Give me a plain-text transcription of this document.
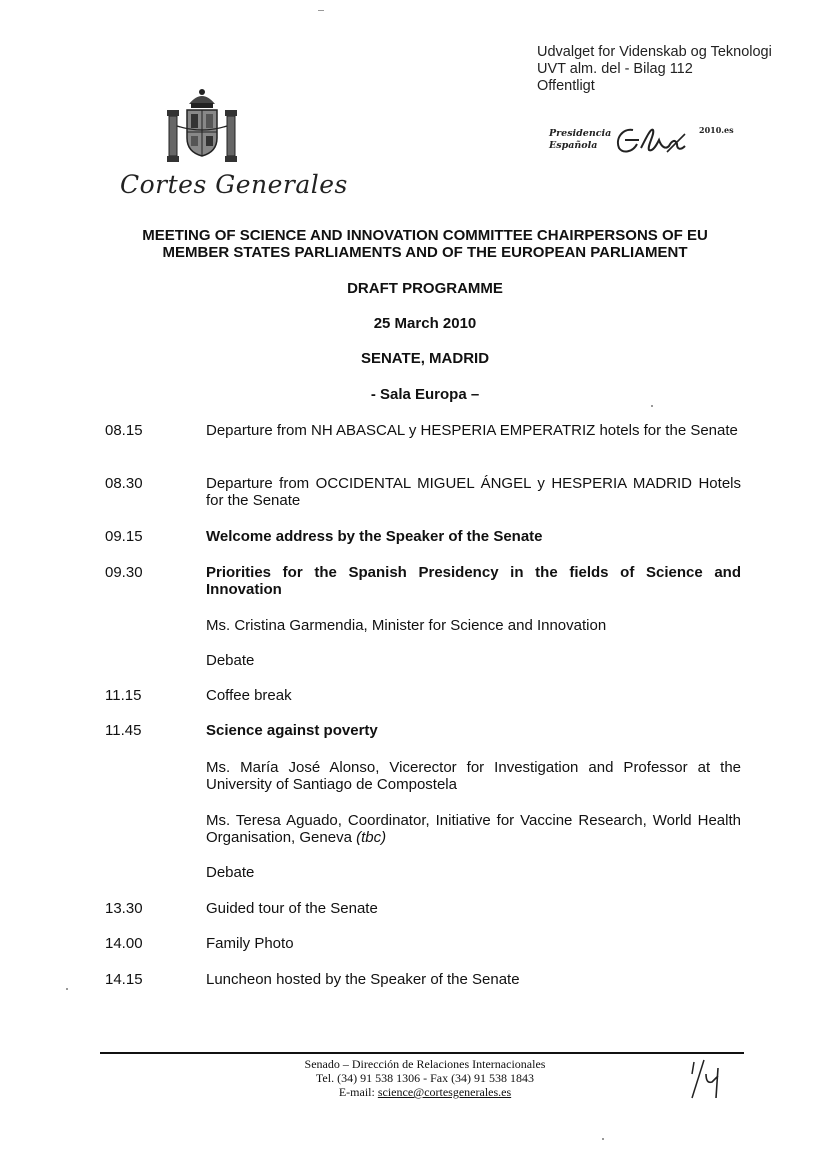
Udvalget for Videnskab og Teknologi
UVT alm. del - Bilag 112
Offentligt
Presidencia
Española
2010.es
Cortes Generales
MEETING OF SCIENCE AND INNOVATION COMMITTEE CHAIRPERSONS OF EU
MEMBER STATES PARLIAMENTS AND OF THE EUROPEAN PARLIAMENT
DRAFT PROGRAMME
25 March 2010
SENATE, MADRID
- Sala Europa –
08.15	Departure from NH ABASCAL y HESPERIA EMPERATRIZ hotels for the Senate
08.30	Departure from OCCIDENTAL MIGUEL ÁNGEL y HESPERIA MADRID Hotels for the Senate
09.15	Welcome address by the Speaker of the Senate
09.30	Priorities for the Spanish Presidency in the fields of Science and Innovation
Ms. Cristina Garmendia, Minister for Science and Innovation
Debate
11.15	Coffee break
11.45	Science against poverty
Ms. María José Alonso, Vicerector for Investigation and Professor at the University of Santiago de Compostela
Ms. Teresa Aguado, Coordinator, Initiative for Vaccine Research, World Health Organisation, Geneva (tbc)
Debate
13.30	Guided tour of the Senate
14.00	Family Photo
14.15	Luncheon hosted by the Speaker of the Senate
Senado – Dirección de Relaciones Internacionales
Tel. (34) 91 538 1306 - Fax (34) 91 538 1843
E-mail: science@cortesgenerales.es
